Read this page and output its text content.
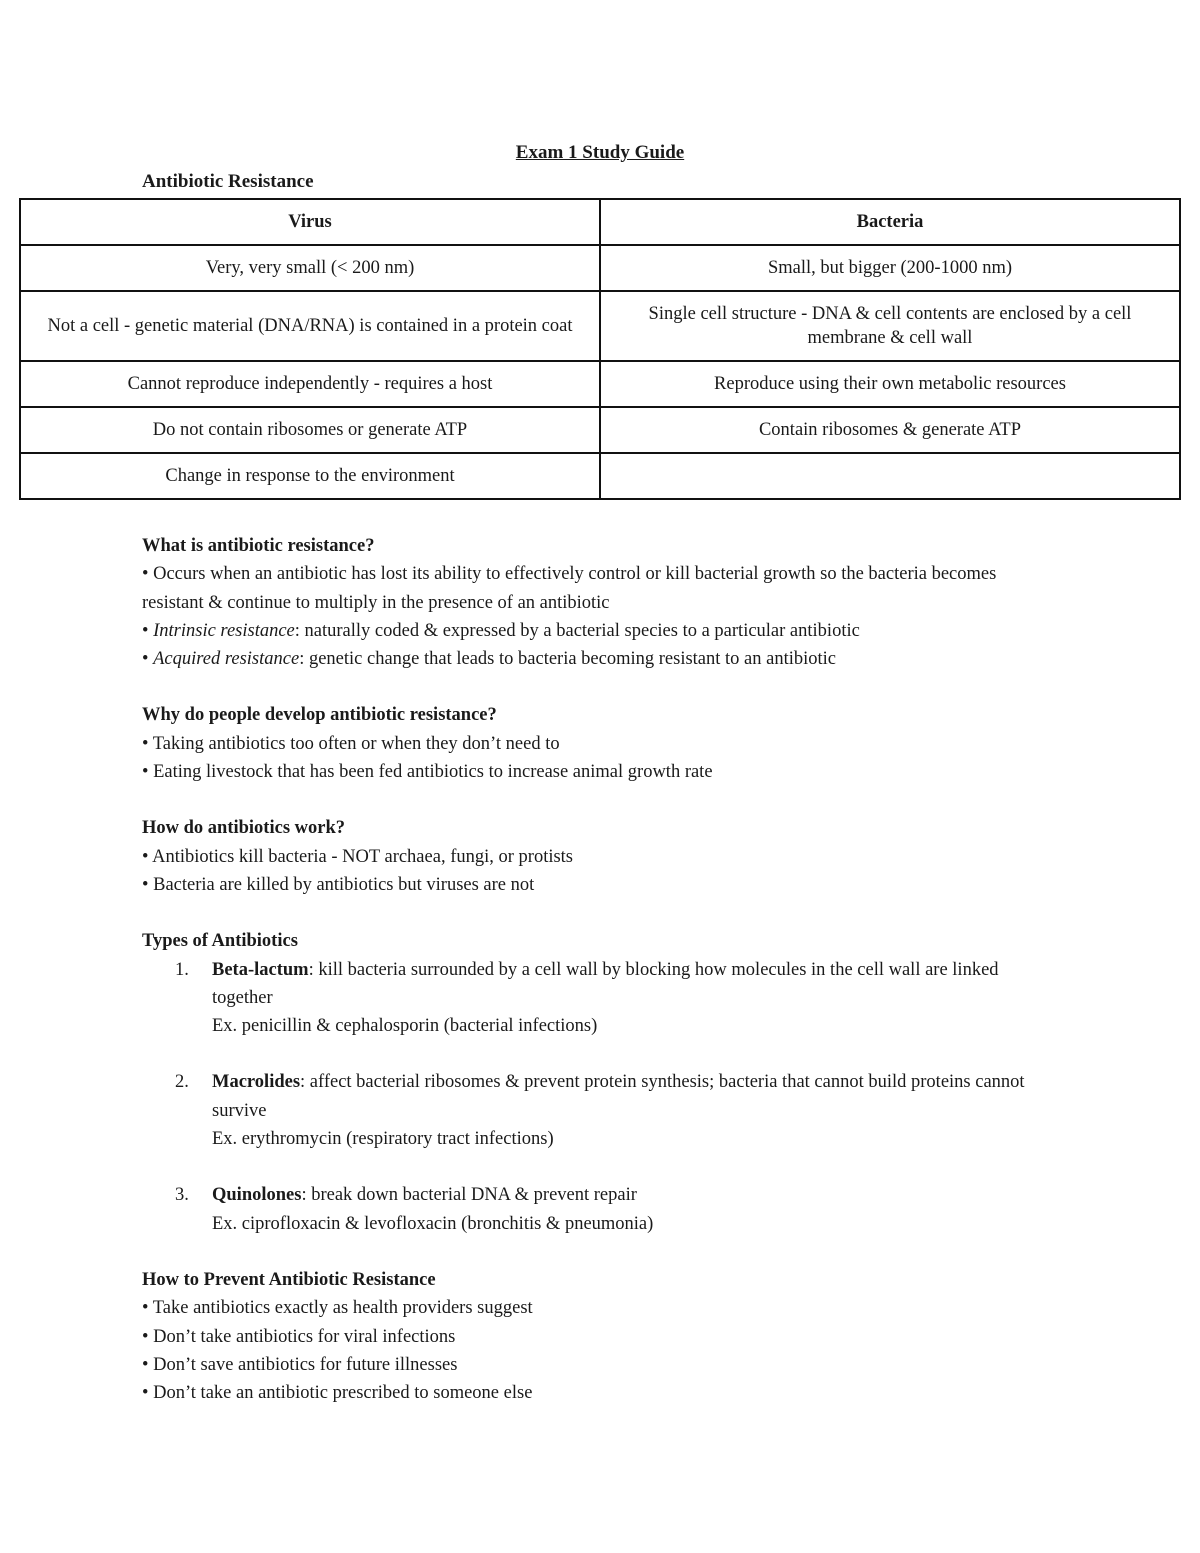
Exam 1 Study Guide
Antibiotic Resistance
Virus	Bacteria
Very, very small (< 200 nm)	Small, but bigger (200-1000 nm)
Not a cell - genetic material (DNA/RNA) is contained in a protein coat	Single cell structure - DNA & cell contents are enclosed by a cell membrane & cell wall
Cannot reproduce independently - requires a host	Reproduce using their own metabolic resources
Do not contain ribosomes or generate ATP	Contain ribosomes & generate ATP
Change in response to the environment	
What is antibiotic resistance?

• Occurs when an antibiotic has lost its ability to effectively control or kill bacterial growth so the bacteria becomes resistant & continue to multiply in the presence of an antibiotic

• Intrinsic resistance: naturally coded & expressed by a bacterial species to a particular antibiotic

• Acquired resistance: genetic change that leads to bacteria becoming resistant to an antibiotic

Why do people develop antibiotic resistance?

• Taking antibiotics too often or when they don’t need to

• Eating livestock that has been fed antibiotics to increase animal growth rate

How do antibiotics work?

• Antibiotics kill bacteria - NOT archaea, fungi, or protists

• Bacteria are killed by antibiotics but viruses are not

Types of Antibiotics
1. Beta-lactum: kill bacteria surrounded by a cell wall by blocking how molecules in the cell wall are linked together
Ex. penicillin & cephalosporin (bacterial infections)
2. Macrolides: affect bacterial ribosomes & prevent protein synthesis; bacteria that cannot build proteins cannot survive
Ex. erythromycin (respiratory tract infections)
3. Quinolones: break down bacterial DNA & prevent repair
Ex. ciprofloxacin & levofloxacin (bronchitis & pneumonia)
How to Prevent Antibiotic Resistance

• Take antibiotics exactly as health providers suggest

• Don’t take antibiotics for viral infections

• Don’t save antibiotics for future illnesses

• Don’t take an antibiotic prescribed to someone else
